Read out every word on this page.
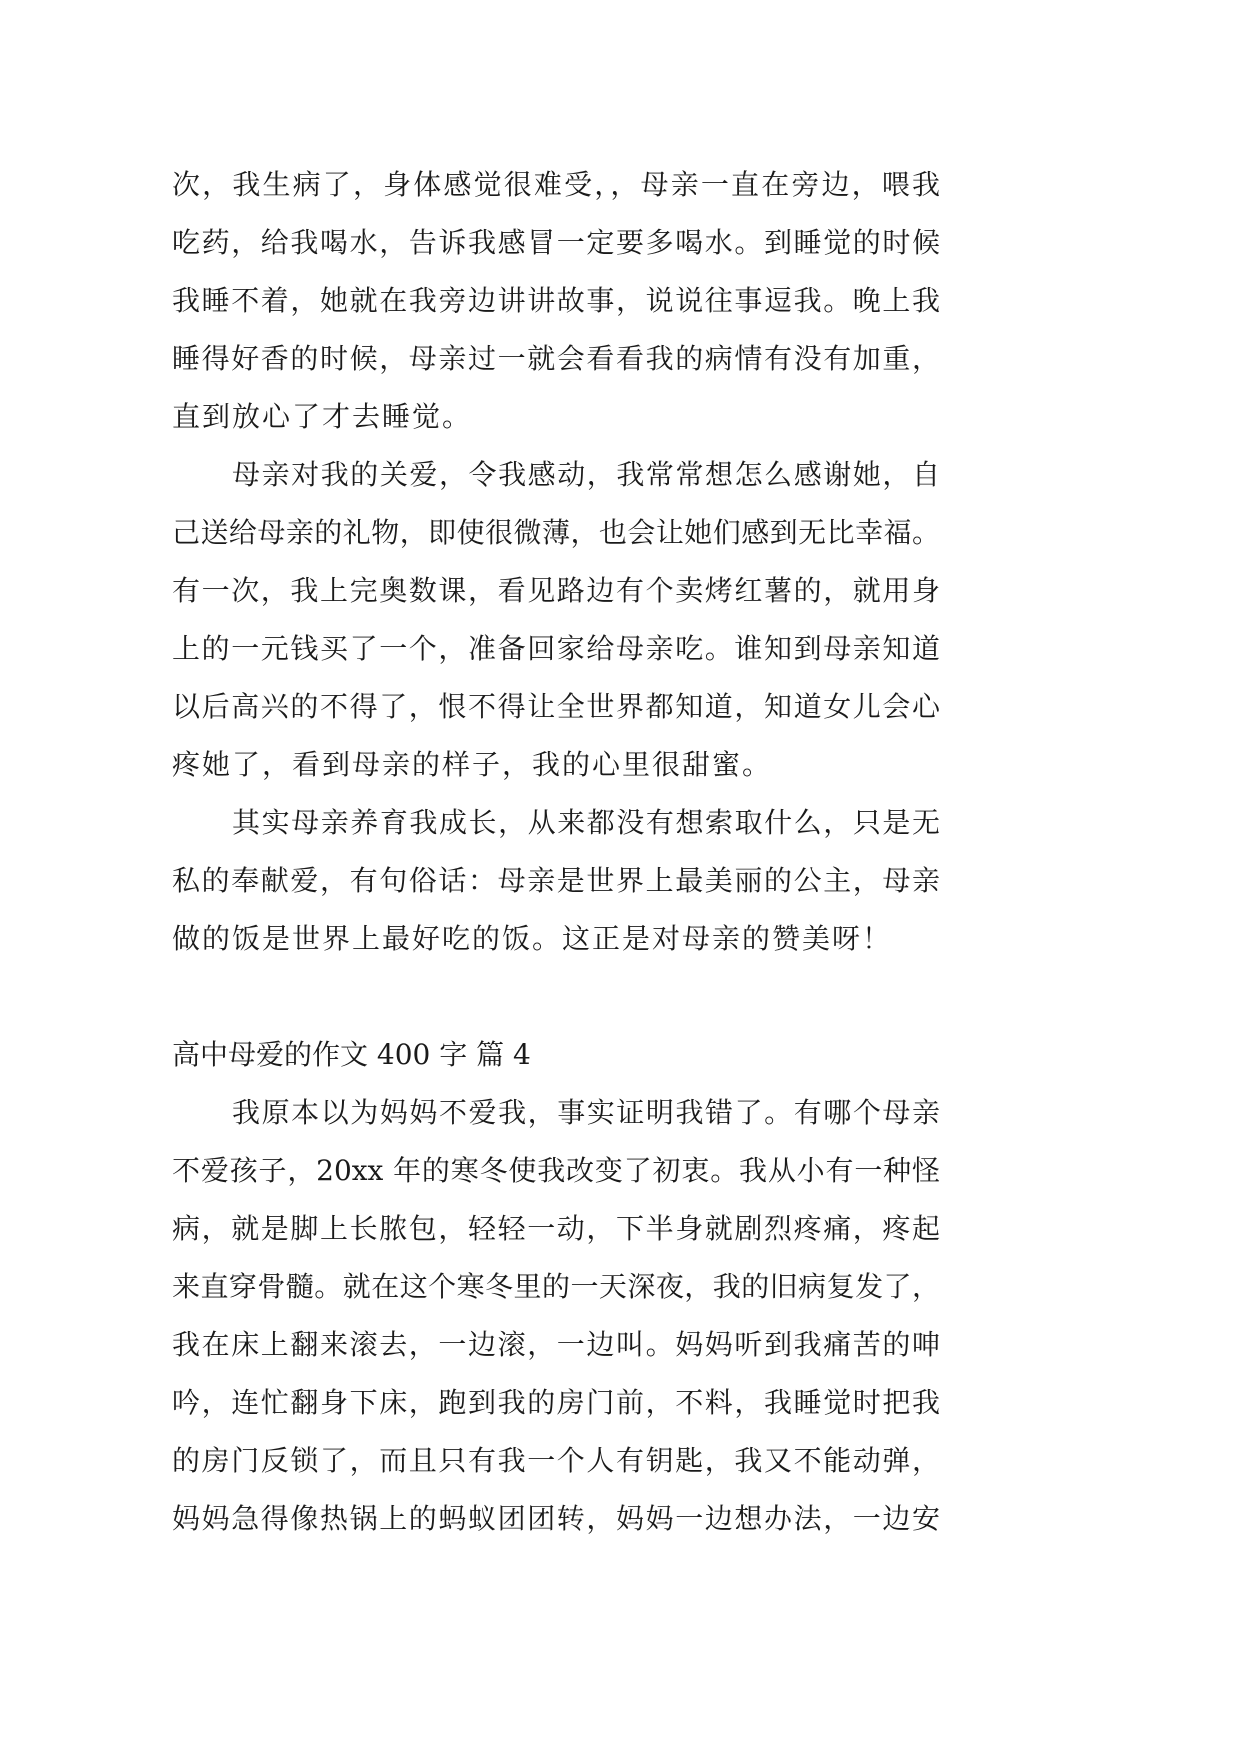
次，我生病了，身体感觉很难受，，母亲一直在旁边，喂我
吃药，给我喝水，告诉我感冒一定要多喝水。到睡觉的时候
我睡不着，她就在我旁边讲讲故事，说说往事逗我。晚上我
睡得好香的时候，母亲过一就会看看我的病情有没有加重，
直到放心了才去睡觉。
母亲对我的关爱，令我感动，我常常想怎么感谢她，自
己送给母亲的礼物，即使很微薄，也会让她们感到无比幸福。
有一次，我上完奥数课，看见路边有个卖烤红薯的，就用身
上的一元钱买了一个，准备回家给母亲吃。谁知到母亲知道
以后高兴的不得了，恨不得让全世界都知道，知道女儿会心
疼她了，看到母亲的样子，我的心里很甜蜜。
其实母亲养育我成长，从来都没有想索取什么，只是无
私的奉献爱，有句俗话：母亲是世界上最美丽的公主，母亲
做的饭是世界上最好吃的饭。这正是对母亲的赞美呀！
高中母爱的作文 400 字 篇 4
我原本以为妈妈不爱我，事实证明我错了。有哪个母亲
不爱孩子，20xx 年的寒冬使我改变了初衷。我从小有一种怪
病，就是脚上长脓包，轻轻一动，下半身就剧烈疼痛，疼起
来直穿骨髓。就在这个寒冬里的一天深夜，我的旧病复发了，
我在床上翻来滚去，一边滚，一边叫。妈妈听到我痛苦的呻
吟，连忙翻身下床，跑到我的房门前，不料，我睡觉时把我
的房门反锁了，而且只有我一个人有钥匙，我又不能动弹，
妈妈急得像热锅上的蚂蚁团团转，妈妈一边想办法，一边安
